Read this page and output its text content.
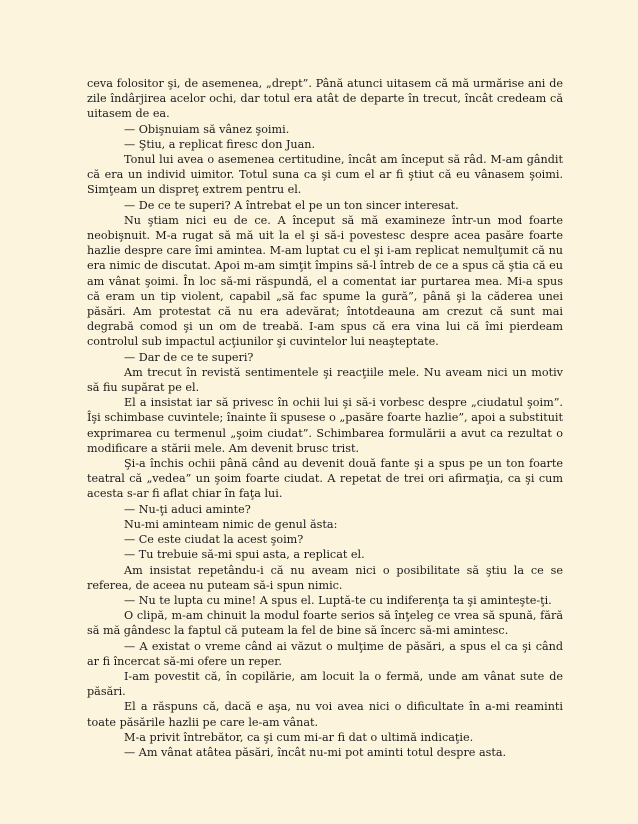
ceva folositor şi, de asemenea, „drept”. Până atunci uitasem că mă urmărise ani de zile îndârjirea acelor ochi, dar totul era atât de departe în trecut, încât credeam că uitasem de ea.

— Obişnuiam să vânez şoimi.

— Ştiu, a replicat firesc don Juan.

Tonul lui avea o asemenea certitudine, încât am început să râd. M-am gândit că era un individ uimitor. Totul suna ca şi cum el ar fi ştiut că eu vânasem şoimi. Simţeam un dispreţ extrem pentru el.

— De ce te superi? A întrebat el pe un ton sincer interesat.

Nu ştiam nici eu de ce. A început să mă examineze într-un mod foarte neobişnuit. M-a rugat să mă uit la el şi să-i povestesc despre acea pasăre foarte hazlie despre care îmi amintea. M-am luptat cu el şi i-am replicat nemulţumit că nu era nimic de discutat. Apoi m-am simţit împins să-l întreb de ce a spus că ştia că eu am vânat şoimi. În loc să-mi răspundă, el a comentat iar purtarea mea. Mi-a spus că eram un tip violent, capabil „să fac spume la gură”, până şi la căderea unei păsări. Am protestat că nu era adevărat; întotdeauna am crezut că sunt mai degrabă comod şi un om de treabă. I-am spus că era vina lui că îmi pierdeam controlul sub impactul acţiunilor şi cuvintelor lui neaşteptate.

— Dar de ce te superi?

Am trecut în revistă sentimentele şi reacţiile mele. Nu aveam nici un motiv să fiu supărat pe el.

El a insistat iar să privesc în ochii lui şi să-i vorbesc despre „ciudatul şoim”. Îşi schimbase cuvintele; înainte îi spusese o „pasăre foarte hazlie”, apoi a substituit exprimarea cu termenul „şoim ciudat”. Schimbarea formulării a avut ca rezultat o modificare a stării mele. Am devenit brusc trist.

Şi-a închis ochii până când au devenit două fante şi a spus pe un ton foarte teatral că „vedea” un şoim foarte ciudat. A repetat de trei ori afirmaţia, ca şi cum acesta s-ar fi aflat chiar în faţa lui.

— Nu-ţi aduci aminte?

Nu-mi aminteam nimic de genul ăsta:

— Ce este ciudat la acest şoim?

— Tu trebuie să-mi spui asta, a replicat el.

Am insistat repetându-i că nu aveam nici o posibilitate să ştiu la ce se referea, de aceea nu puteam să-i spun nimic.

— Nu te lupta cu mine! A spus el. Luptă-te cu indiferenţa ta şi aminteşte-ţi.

O clipă, m-am chinuit la modul foarte serios să înţeleg ce vrea să spună, fără să mă gândesc la faptul că puteam la fel de bine să încerc să-mi amintesc.

— A existat o vreme când ai văzut o mulţime de păsări, a spus el ca şi când ar fi încercat să-mi ofere un reper.

I-am povestit că, în copilărie, am locuit la o fermă, unde am vânat sute de păsări.

El a răspuns că, dacă e aşa, nu voi avea nici o dificultate în a-mi reaminti toate păsările hazlii pe care le-am vânat.

M-a privit întrebător, ca şi cum mi-ar fi dat o ultimă indicaţie.

— Am vânat atâtea păsări, încât nu-mi pot aminti totul despre asta.
